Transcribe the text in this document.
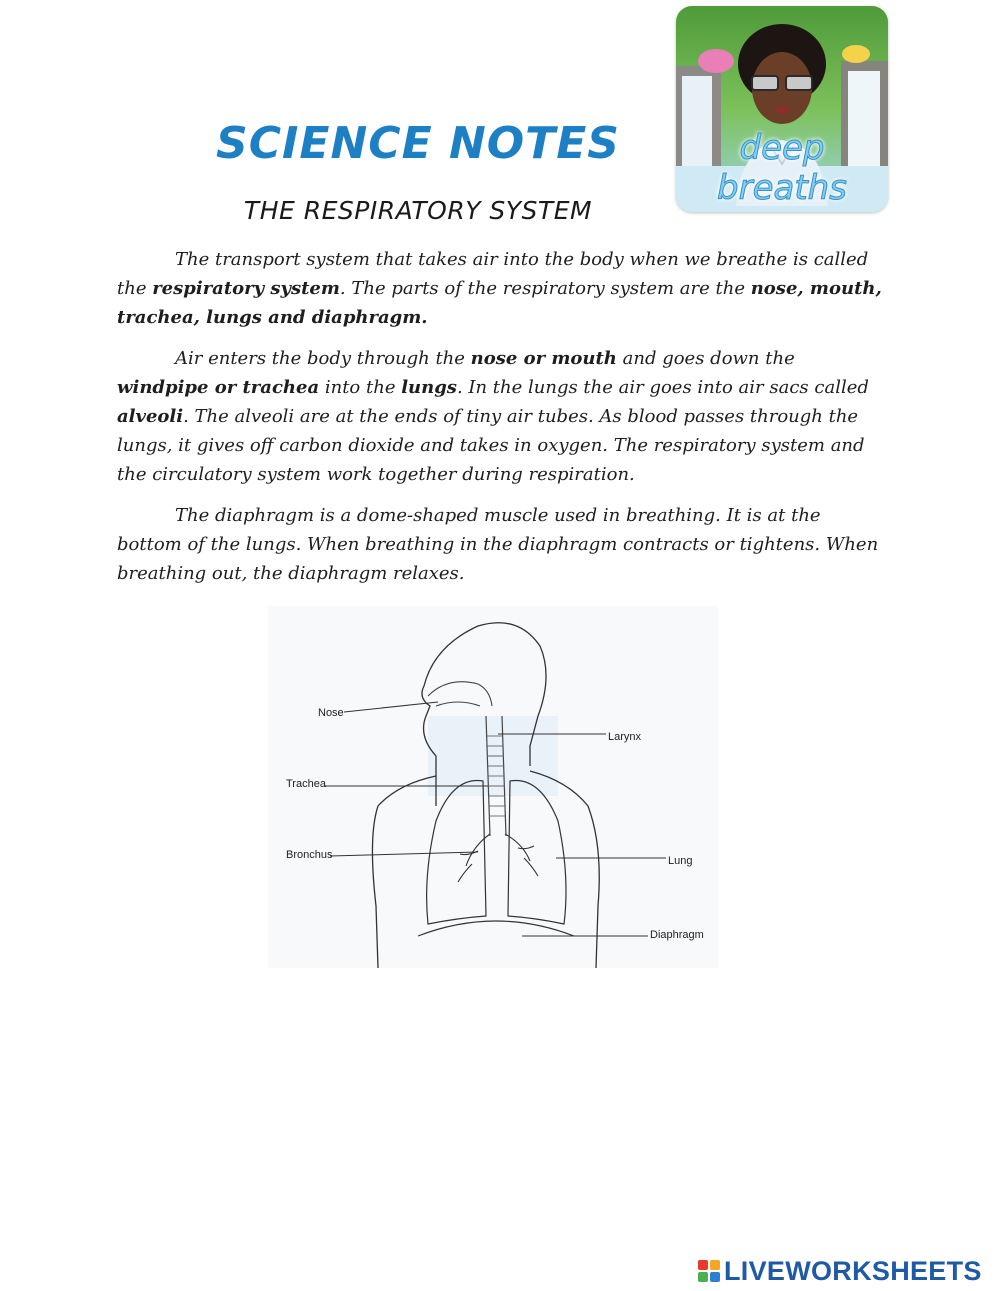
SCIENCE NOTES
THE RESPIRATORY SYSTEM
deep breaths

The transport system that takes air into the body when we breathe is called the respiratory system. The parts of the respiratory system are the nose, mouth, trachea, lungs and diaphragm.

Air enters the body through the nose or mouth and goes down the windpipe or trachea into the lungs. In the lungs the air goes into air sacs called alveoli. The alveoli are at the ends of tiny air tubes. As blood passes through the lungs, it gives off carbon dioxide and takes in oxygen. The respiratory system and the circulatory system work together during respiration.

The diaphragm is a dome-shaped muscle used in breathing. It is at the bottom of the lungs. When breathing in the diaphragm contracts or tightens. When breathing out, the diaphragm relaxes.

Nose
Larynx
Trachea
Bronchus	Lung
Diaphragm
LIVEWORKSHEETS
